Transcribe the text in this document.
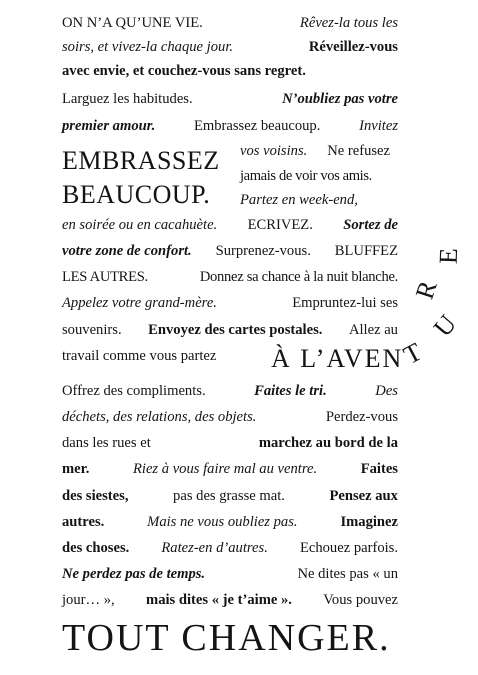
ON N’A QU’UNE VIE.	Rêvez-la tous les
soirs, et vivez-la chaque jour.	Réveillez-vous
avec envie, et couchez-vous sans regret.
Larguez les habitudes.	N’oubliez pas votre
premier amour.	Embrassez beaucoup.	Invitez
EMBRASSEZ
BEAUCOUP.
vos voisins. Ne refusez
jamais de voir vos amis.
Partez en week-end,
en soirée ou en cacahuète. ECRIVEZ. Sortez de
votre zone de confort. Surprenez-vous. BLUFFEZ
LES AUTRES.	Donnez sa chance à la nuit blanche.
Appelez votre grand-mère.	Empruntez-lui ses
souvenirs. Envoyez des cartes postales. Allez au
travail comme vous partez À L’AVEN
T
U
R
E
Offrez des compliments.	Faites le tri.	Des
déchets, des relations, des objets.	Perdez-vous
dans les rues et	marchez au bord de la
mer.	Riez à vous faire mal au ventre.	Faites
des siestes,	pas des grasse mat.	Pensez aux
autres.	Mais ne vous oubliez pas.	Imaginez
des choses. Ratez-en d’autres. Echouez parfois.
Ne perdez pas de temps.	Ne dites pas « un
jour… », mais dites « je t’aime ». Vous pouvez
TOUT CHANGER.
